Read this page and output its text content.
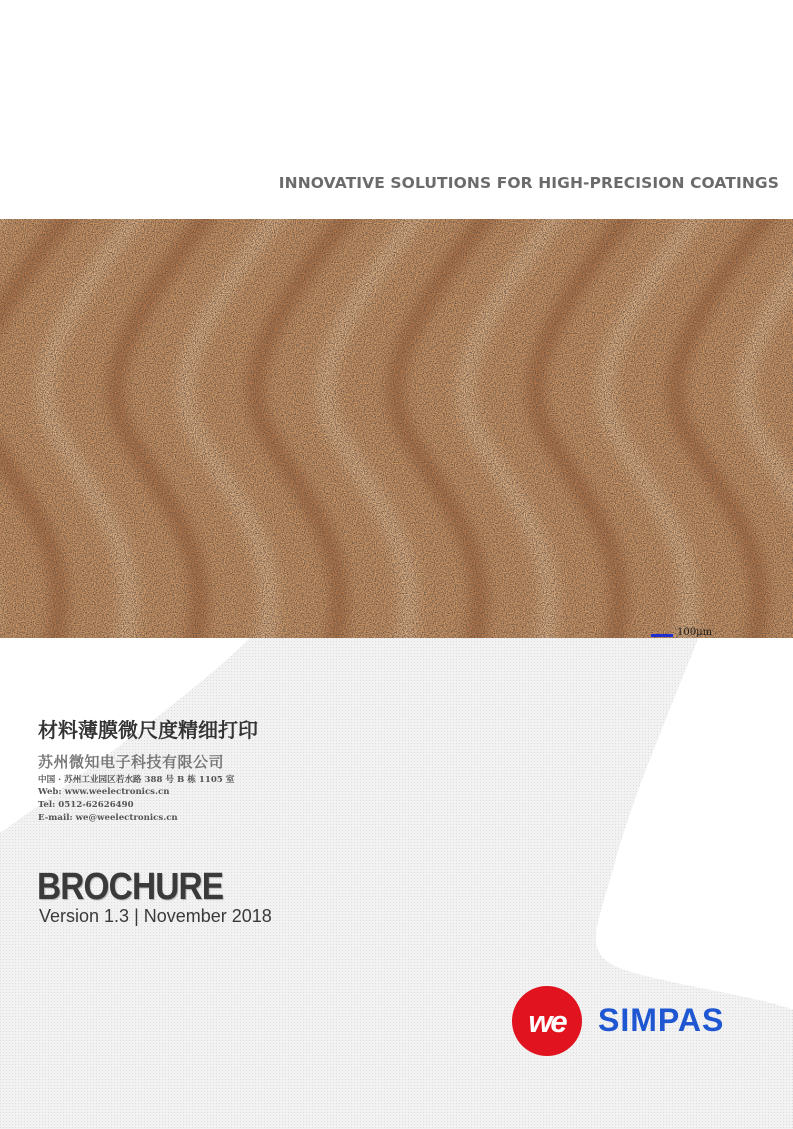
INNOVATIVE SOLUTIONS FOR HIGH-PRECISION COATINGS
100μm
材料薄膜微尺度精细打印
苏州微知电子科技有限公司
中国 · 苏州工业园区若水路 388 号 B 栋 1105 室
Web: www.weelectronics.cn
Tel: 0512-62626490
E-mail: we@weelectronics.cn
BROCHURE
Version 1.3 | November 2018
we	SIMPAS
